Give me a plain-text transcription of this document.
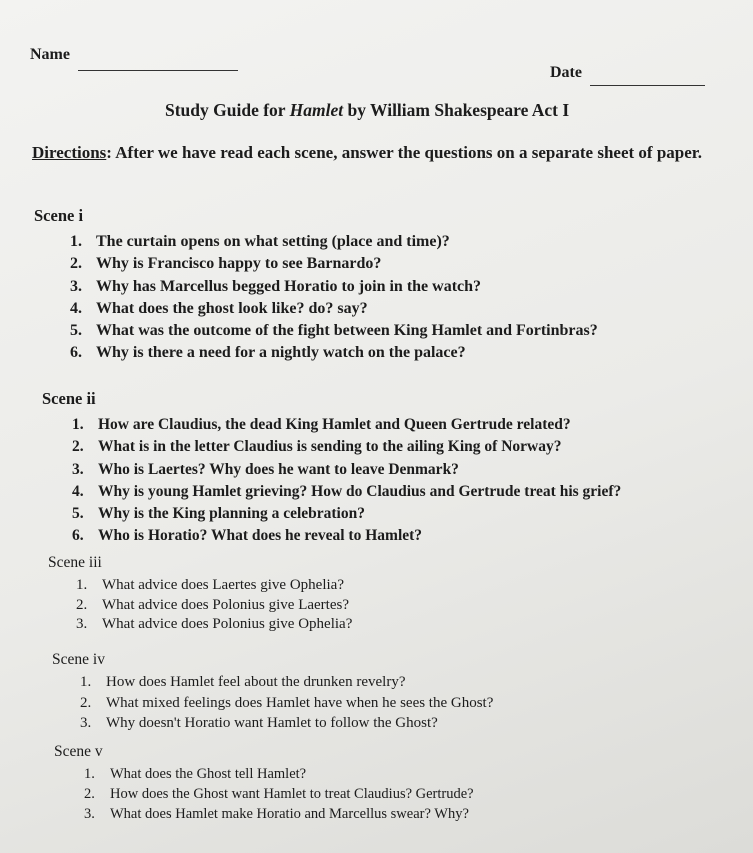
Name
Date
Study Guide for Hamlet by William Shakespeare Act I
Directions: After we have read each scene, answer the questions on a separate sheet of paper.

Scene i

1. The curtain opens on what setting (place and time)?
2. Why is Francisco happy to see Barnardo?
3. Why has Marcellus begged Horatio to join in the watch?
4. What does the ghost look like? do? say?
5. What was the outcome of the fight between King Hamlet and Fortinbras?
6. Why is there a need for a nightly watch on the palace?

Scene ii

1. How are Claudius, the dead King Hamlet and Queen Gertrude related?
2. What is in the letter Claudius is sending to the ailing King of Norway?
3. Who is Laertes? Why does he want to leave Denmark?
4. Why is young Hamlet grieving? How do Claudius and Gertrude treat his grief?
5. Why is the King planning a celebration?
6. Who is Horatio? What does he reveal to Hamlet?

Scene iii

1. What advice does Laertes give Ophelia?
2. What advice does Polonius give Laertes?
3. What advice does Polonius give Ophelia?

Scene iv

1. How does Hamlet feel about the drunken revelry?
2. What mixed feelings does Hamlet have when he sees the Ghost?
3. Why doesn't Horatio want Hamlet to follow the Ghost?

Scene v

1.	What does the Ghost tell Hamlet?
2.	How does the Ghost want Hamlet to treat Claudius? Gertrude?
3.	What does Hamlet make Horatio and Marcellus swear? Why?
